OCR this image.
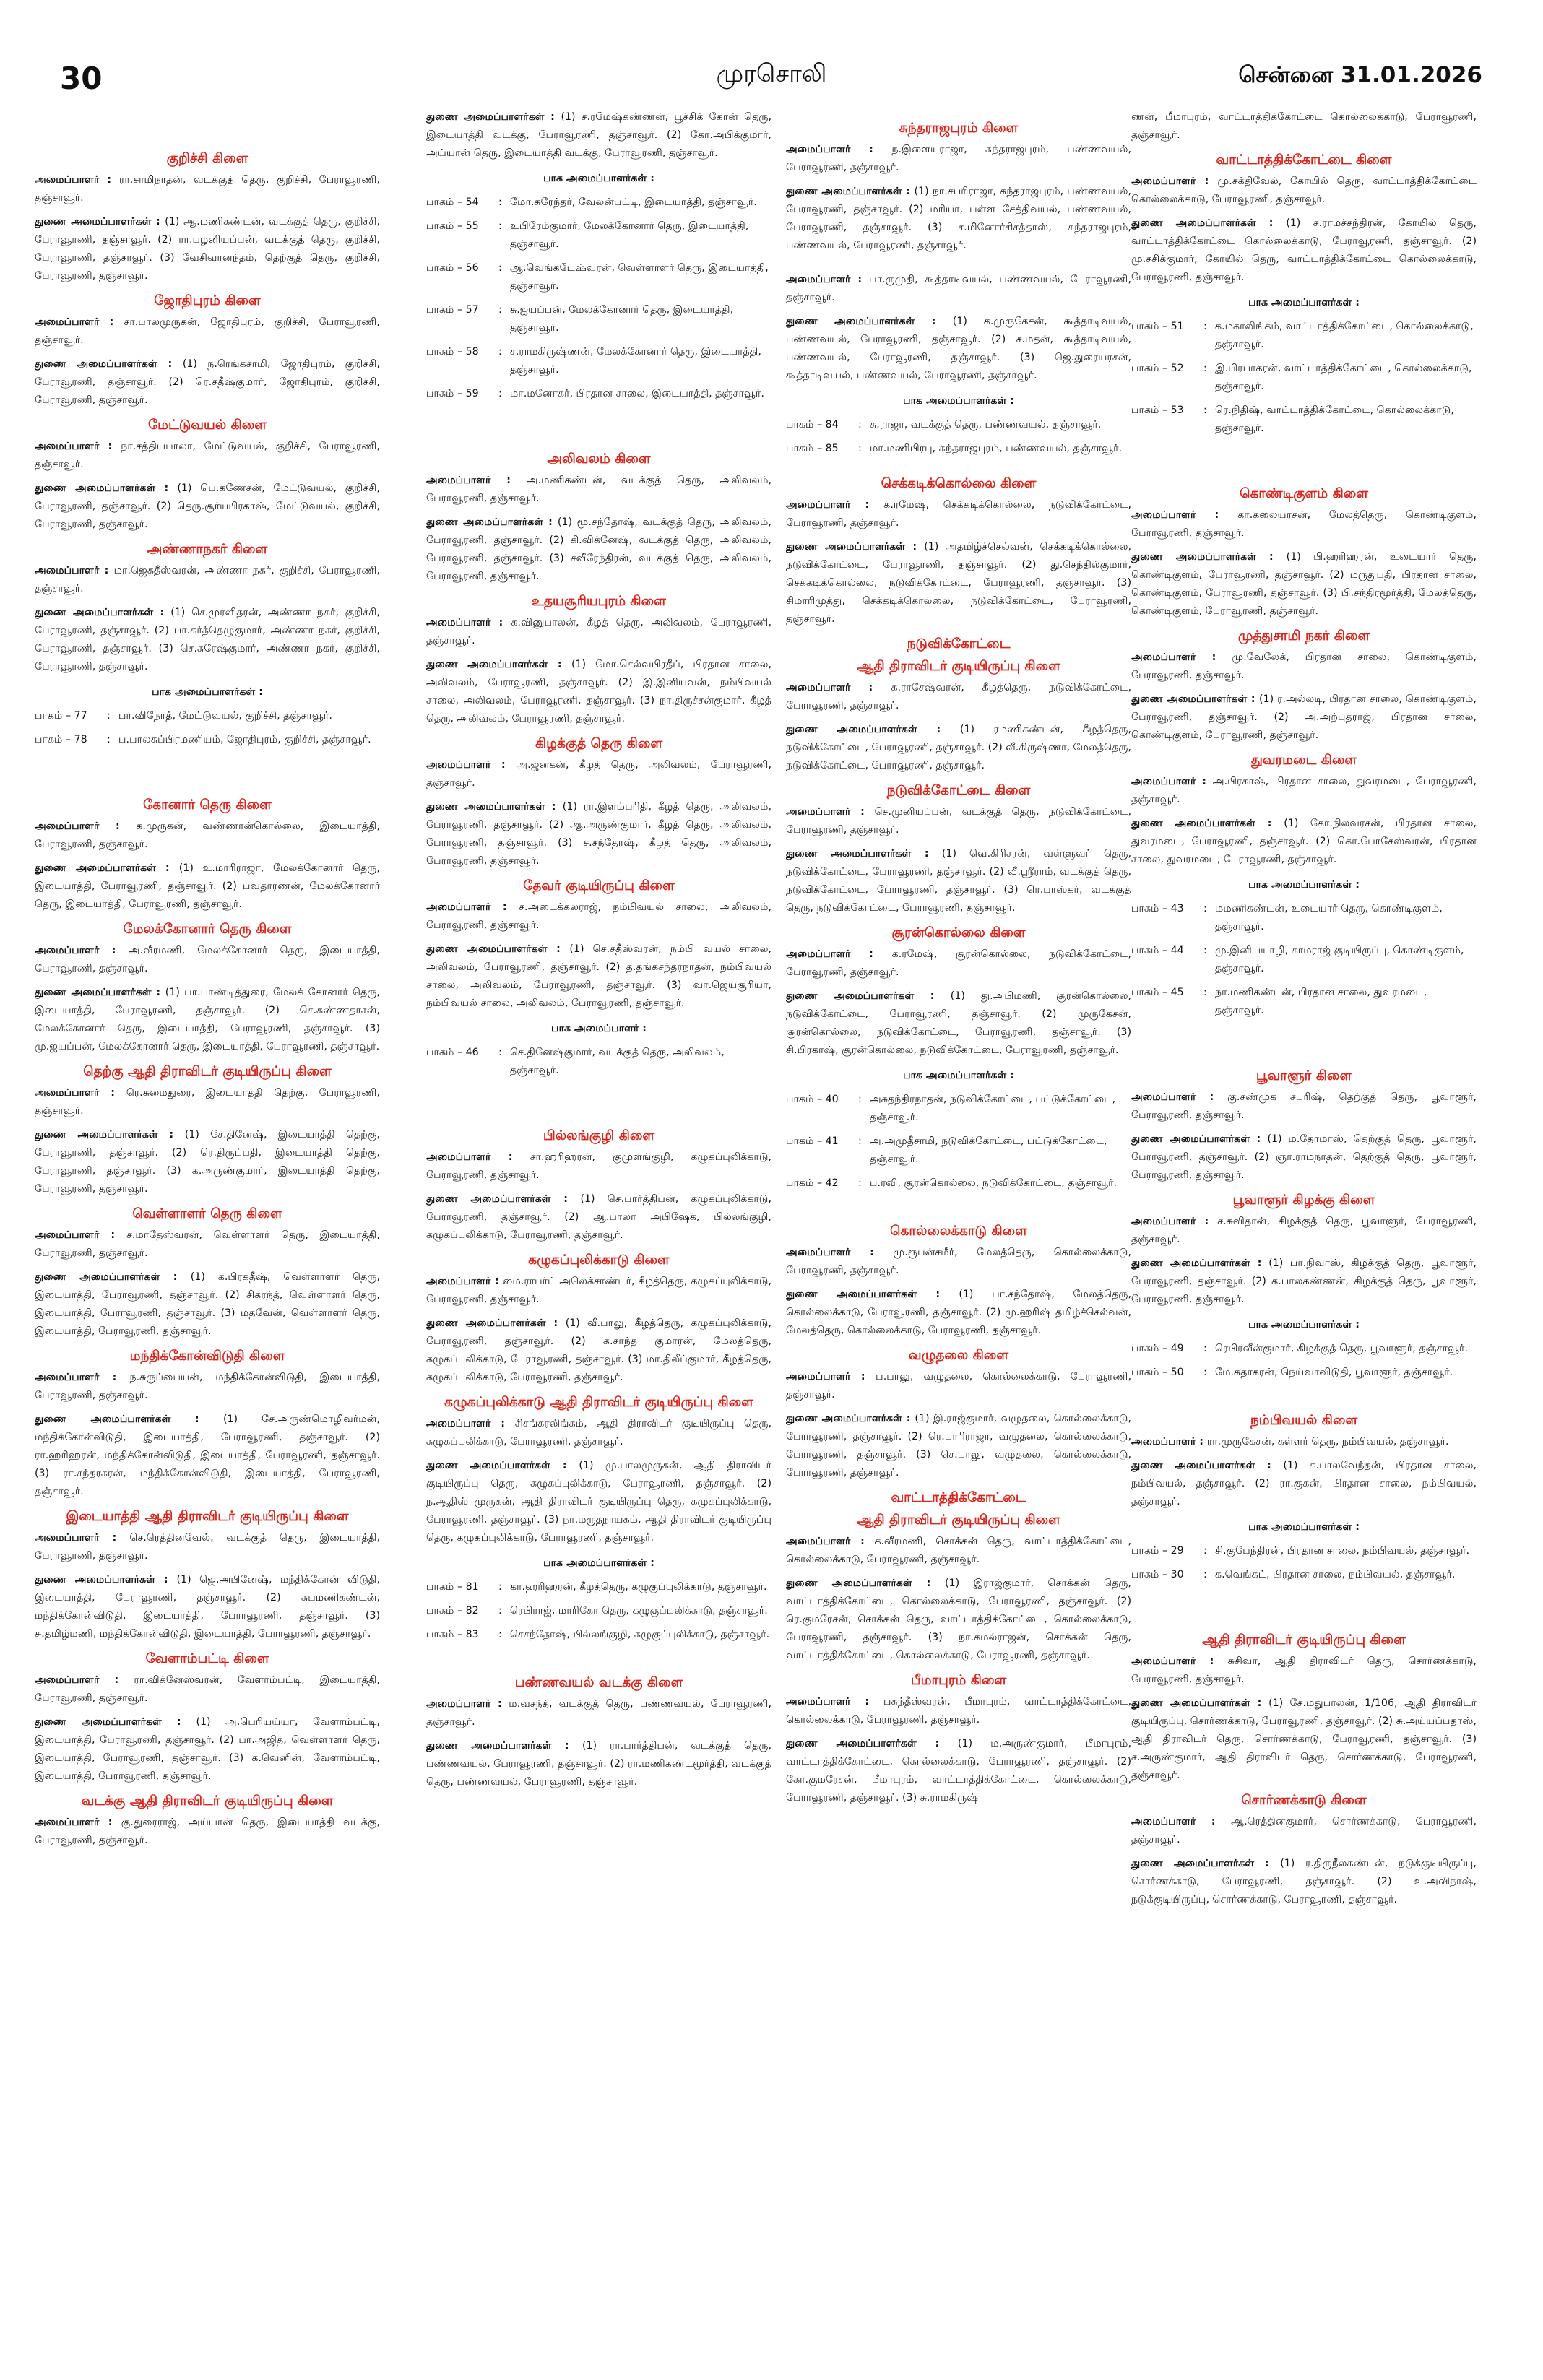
30	முரசொலி	சென்னை 31.01.2026
குறிச்சி கிளை
அமைப்பாளர் : ரா.சாமிநாதன், வடக்குத் தெரு, குறிச்சி, பேராவூரணி, தஞ்சாவூர்.
துணை அமைப்பாளர்கள் : (1) ஆ.மணிகண்டன், வடக்குத் தெரு, குறிச்சி, பேராவூரணி, தஞ்சாவூர். (2) ரா.பழனியப்பன், வடக்குத் தெரு, குறிச்சி, பேராவூரணி, தஞ்சாவூர். (3) வேசிவானந்தம், தெற்குத் தெரு, குறிச்சி, பேராவூரணி, தஞ்சாவூர்.
ஜோதிபுரம் கிளை
அமைப்பாளர் : சா.பாலமுருகன், ஜோதிபுரம், குறிச்சி, பேராவூரணி, தஞ்சாவூர்.
துணை அமைப்பாளர்கள் : (1) ந.ரெங்கசாமி, ஜோதிபுரம், குறிச்சி, பேராவூரணி, தஞ்சாவூர். (2) ரெ.சதீஷ்குமார், ஜோதிபுரம், குறிச்சி, பேராவூரணி, தஞ்சாவூர்.
மேட்டுவயல் கிளை
அமைப்பாளர் : நா.சத்தியபாலா, மேட்டுவயல், குறிச்சி, பேராவூரணி, தஞ்சாவூர்.
துணை அமைப்பாளர்கள் : (1) பெ.கணேசன், மேட்டுவயல், குறிச்சி, பேராவூரணி, தஞ்சாவூர். (2) தெரு.சூர்யபிரகாஷ், மேட்டுவயல், குறிச்சி, பேராவூரணி, தஞ்சாவூர்.
அண்ணாநகர் கிளை
அமைப்பாளர் : மா.ஜெகதீஸ்வரன், அண்ணா நகர், குறிச்சி, பேராவூரணி, தஞ்சாவூர்.
துணை அமைப்பாளர்கள் : (1) செ.முரளிதரன், அண்ணா நகர், குறிச்சி, பேராவூரணி, தஞ்சாவூர். (2) பா.கர்த்தெழுகுமார், அண்ணா நகர், குறிச்சி, பேராவூரணி, தஞ்சாவூர். (3) செ.சுரேஷ்குமார், அண்ணா நகர், குறிச்சி, பேராவூரணி, தஞ்சாவூர்.
பாக அமைப்பாளர்கள் :
பாகம் – 77	: பா.விநோத், மேட்டுவயல், குறிச்சி, தஞ்சாவூர்.
பாகம் – 78	: ப.பாலசுப்பிரமணியம், ஜோதிபுரம், குறிச்சி, தஞ்சாவூர்.
கோனார் தெரு கிளை
அமைப்பாளர் : க.முருகன், வண்ணான்கொல்லை, இடையாத்தி, பேராவூரணி, தஞ்சாவூர்.
துணை அமைப்பாளர்கள் : (1) உ.மாரிராஜா, மேலக்கோனார் தெரு, இடையாத்தி, பேராவூரணி, தஞ்சாவூர். (2) பவதாரணன், மேலக்கோனார் தெரு, இடையாத்தி, பேராவூரணி, தஞ்சாவூர்.
மேலக்கோனார் தெரு கிளை
அமைப்பாளர் : அ.வீரமணி, மேலக்கோனார் தெரு, இடையாத்தி, பேராவூரணி, தஞ்சாவூர்.
துணை அமைப்பாளர்கள் : (1) பா.பாண்டித்துரை, மேலக் கோனார் தெரு, இடையாத்தி, பேராவூரணி, தஞ்சாவூர். (2) செ.கண்ணதாசன், மேலக்கோனார் தெரு, இடையாத்தி, பேராவூரணி, தஞ்சாவூர். (3) மு.ஜயப்பன், மேலக்கோனார் தெரு, இடையாத்தி, பேராவூரணி, தஞ்சாவூர்.
தெற்கு ஆதி திராவிடர் குடியிருப்பு கிளை
அமைப்பாளர் : ரெ.சுமைதுரை, இடையாத்தி தெற்கு, பேராவூரணி, தஞ்சாவூர்.
துணை அமைப்பாளர்கள் : (1) சே.தினேஷ், இடையாத்தி தெற்கு, பேராவூரணி, தஞ்சாவூர். (2) ரெ.திருப்பதி, இடையாத்தி தெற்கு, பேராவூரணி, தஞ்சாவூர். (3) க.அருண்குமார், இடையாத்தி தெற்கு, பேராவூரணி, தஞ்சாவூர்.
வெள்ளாளர் தெரு கிளை
அமைப்பாளர் : ச.மாதேஸ்வரன், வெள்ளாளர் தெரு, இடையாத்தி, பேராவூரணி, தஞ்சாவூர்.
துணை அமைப்பாளர்கள் : (1) க.பிரகதீஷ், வெள்ளாளர் தெரு, இடையாத்தி, பேராவூரணி, தஞ்சாவூர். (2) சிகரந்த், வெள்ளாளர் தெரு, இடையாத்தி, பேராவூரணி, தஞ்சாவூர். (3) மதவேன், வெள்ளாளர் தெரு, இடையாத்தி, பேராவூரணி, தஞ்சாவூர்.
மந்திக்கோன்விடுதி கிளை
அமைப்பாளர் : ந.சுருப்பையன், மந்திக்கோன்விடுதி, இடையாத்தி, பேராவூரணி, தஞ்சாவூர்.
துணை அமைப்பாளர்கள் : (1) சே.அருண்மொழிவர்மன், மந்திக்கோன்விடுதி, இடையாத்தி, பேராவூரணி, தஞ்சாவூர். (2) ரா.ஹரிஹரன், மந்திக்கோன்விடுதி, இடையாத்தி, பேராவூரணி, தஞ்சாவூர். (3) ரா.சந்தரகரன், மந்திக்கோன்விடுதி, இடையாத்தி, பேராவூரணி, தஞ்சாவூர்.
இடையாத்தி ஆதி திராவிடர் குடியிருப்பு கிளை
அமைப்பாளர் : செ.ரெத்தினவேல், வடக்குத் தெரு, இடையாத்தி, பேராவூரணி, தஞ்சாவூர்.
துணை அமைப்பாளர்கள் : (1) ஜெ.அபினேஷ், மந்திக்கோன் விடுதி, இடையாத்தி, பேராவூரணி, தஞ்சாவூர். (2) சுபமணிகண்டன், மந்திக்கோன்விடுதி, இடையாத்தி, பேராவூரணி, தஞ்சாவூர். (3) சு.தமிழ்மணி, மந்திக்கோன்விடுதி, இடையாத்தி, பேராவூரணி, தஞ்சாவூர்.
வேளாம்பட்டி கிளை
அமைப்பாளர் : ரா.விக்னேஸ்வரன், வேளாம்பட்டி, இடையாத்தி, பேராவூரணி, தஞ்சாவூர்.
துணை அமைப்பாளர்கள் : (1) அ.பெரியய்யா, வேளாம்பட்டி, இடையாத்தி, பேராவூரணி, தஞ்சாவூர். (2) பா.அஜித், வெள்ளாளர் தெரு, இடையாத்தி, பேராவூரணி, தஞ்சாவூர். (3) க.வெனின், வேளாம்பட்டி, இடையாத்தி, பேராவூரணி, தஞ்சாவூர்.
வடக்கு ஆதி திராவிடர் குடியிருப்பு கிளை
அமைப்பாளர் : கு.துரைராஜ், அய்யான் தெரு, இடையாத்தி வடக்கு, பேராவூரணி, தஞ்சாவூர்.
துணை அமைப்பாளர்கள் : (1) ச.ரமேஷ்கண்ணன், பூச்சிக் கோன் தெரு, இடையாத்தி வடக்கு, பேராவூரணி, தஞ்சாவூர். (2) கோ.அபிக்குமார், அய்யான் தெரு, இடையாத்தி வடக்கு, பேராவூரணி, தஞ்சாவூர்.
பாக அமைப்பாளர்கள் :
பாகம் – 54	: மோ.சுரேந்தர், வேலன்பட்டி, இடையாத்தி, தஞ்சாவூர்.
பாகம் – 55	: உபிரேம்குமார், மேலக்கோனார் தெரு, இடையாத்தி, தஞ்சாவூர்.
பாகம் – 56	: ஆ.வெங்கடேஷ்வரன், வெள்ளாளர் தெரு, இடையாத்தி, தஞ்சாவூர்.
பாகம் – 57	: சு.ஐயப்பன், மேலக்கோனார் தெரு, இடையாத்தி, தஞ்சாவூர்.
பாகம் – 58	: ச.ராமகிருஷ்ணன், மேலக்கோனார் தெரு, இடையாத்தி, தஞ்சாவூர்.
பாகம் – 59	: மா.மனோகர், பிரதான சாலை, இடையாத்தி, தஞ்சாவூர்.
அலிவலம் கிளை
அமைப்பாளர் : அ.மணிகண்டன், வடக்குத் தெரு, அலிவலம், பேராவூரணி, தஞ்சாவூர்.
துணை அமைப்பாளர்கள் : (1) மூ.சந்தோஷ், வடக்குத் தெரு, அலிவலம், பேராவூரணி, தஞ்சாவூர். (2) கி.விக்னேஷ், வடக்குத் தெரு, அலிவலம், பேராவூரணி, தஞ்சாவூர். (3) சவீரேந்திரன், வடக்குத் தெரு, அலிவலம், பேராவூரணி, தஞ்சாவூர்.
உதயசூரியபுரம் கிளை
அமைப்பாளர் : க.வினுபாலன், கீழத் தெரு, அலிவலம், பேராவூரணி, தஞ்சாவூர்.
துணை அமைப்பாளர்கள் : (1) மோ.செல்வபிரதீப், பிரதான சாலை, அலிவலம், பேராவூரணி, தஞ்சாவூர். (2) இ.இனியவன், நம்பிவயல் சாலை, அலிவலம், பேராவூரணி, தஞ்சாவூர். (3) நா.திருச்சன்குமார், கீழத் தெரு, அலிவலம், பேராவூரணி, தஞ்சாவூர்.
கிழக்குத் தெரு கிளை
அமைப்பாளர் : அ.ஜனகன், கீழத் தெரு, அலிவலம், பேராவூரணி, தஞ்சாவூர்.
துணை அமைப்பாளர்கள் : (1) ரா.இளம்பரிதி, கீழத் தெரு, அலிவலம், பேராவூரணி, தஞ்சாவூர். (2) ஆ.அருண்குமார், கீழத் தெரு, அலிவலம், பேராவூரணி, தஞ்சாவூர். (3) ச.சந்தோஷ், கீழத் தெரு, அலிவலம், பேராவூரணி, தஞ்சாவூர்.
தேவர் குடியிருப்பு கிளை
அமைப்பாளர் : ச.அடைக்கலராஜ், நம்பிவயல் சாலை, அலிவலம், பேராவூரணி, தஞ்சாவூர்.
துணை அமைப்பாளர்கள் : (1) செ.சதீஸ்வரன், நம்பி வயல் சாலை, அலிவலம், பேராவூரணி, தஞ்சாவூர். (2) த.தங்கசந்தரநாதன், நம்பிவயல் சாலை, அலிவலம், பேராவூரணி, தஞ்சாவூர். (3) வா.ஜெயசூரியா, நம்பிவயல் சாலை, அலிவலம், பேராவூரணி, தஞ்சாவூர்.
பாக அமைப்பாளர் :
பாகம் – 46	: செ.தினேஷ்குமார், வடக்குத் தெரு, அலிவலம், தஞ்சாவூர்.
பில்லங்குழி கிளை
அமைப்பாளர் : சா.ஹரிஹரன், குமுளங்குழி, கழுகப்புலிக்காடு, பேராவூரணி, தஞ்சாவூர்.
துணை அமைப்பாளர்கள் : (1) செ.பார்த்திபன், கழுகப்புலிக்காடு, பேராவூரணி, தஞ்சாவூர். (2) ஆ.பாலா அபிஷேக், பில்லங்குழி, கழுகப்புலிக்காடு, பேராவூரணி, தஞ்சாவூர்.
கழுகப்புலிக்காடு கிளை
அமைப்பாளர் : மை.ராபர்ட் அலெக்சாண்டர், கீழத்தெரு, கழுகப்புலிக்காடு, பேராவூரணி, தஞ்சாவூர்.
துணை அமைப்பாளர்கள் : (1) வீ.பாலு, கீழத்தெரு, கழுகப்புலிக்காடு, பேராவூரணி, தஞ்சாவூர். (2) க.சாந்த குமாரன், மேலத்தெரு, கழுகப்புலிக்காடு, பேராவூரணி, தஞ்சாவூர். (3) மா.திலீப்குமார், கீழத்தெரு, கழுகப்புலிக்காடு, பேராவூரணி, தஞ்சாவூர்.
கழுகப்புலிக்காடு ஆதி திராவிடர் குடியிருப்பு கிளை
அமைப்பாளர் : சிசங்கரலிங்கம், ஆதி திராவிடர் குடியிருப்பு தெரு, கழுகப்புலிக்காடு, பேராவூரணி, தஞ்சாவூர்.
துணை அமைப்பாளர்கள் : (1) மு.பாலமுருகன், ஆதி திராவிடர் குடியிருப்பு தெரு, கழுகப்புலிக்காடு, பேராவூரணி, தஞ்சாவூர். (2) ந.ஆதிஸ் முருகன், ஆதி திராவிடர் குடியிருப்பு தெரு, கழுகப்புலிக்காடு, பேராவூரணி, தஞ்சாவூர். (3) நா.மருதநாயகம், ஆதி திராவிடர் குடியிருப்பு தெரு, கழுகப்புலிக்காடு, பேராவூரணி, தஞ்சாவூர்.
பாக அமைப்பாளர்கள் :
பாகம் – 81	: கா.ஹரிஹரன், கீழத்தெரு, கழுகுப்புலிக்காடு, தஞ்சாவூர்.
பாகம் – 82	: ரெபிராஜ், மாரிகோ தெரு, கழுகுப்புலிக்காடு, தஞ்சாவூர்.
பாகம் – 83	: செசந்தோஷ், பில்லங்குழி, கழுகுப்புலிக்காடு, தஞ்சாவூர்.
பண்ணவயல் வடக்கு கிளை
அமைப்பாளர் : ம.வசந்த், வடக்குத் தெரு, பண்ணவயல், பேராவூரணி, தஞ்சாவூர்.
துணை அமைப்பாளர்கள் : (1) ரா.பார்த்திபன், வடக்குத் தெரு, பண்ணவயல், பேராவூரணி, தஞ்சாவூர். (2) ரா.மணிகண்டமூர்த்தி, வடக்குத் தெரு, பண்ணவயல், பேராவூரணி, தஞ்சாவூர்.
சுந்தராஜபுரம் கிளை
அமைப்பாளர் : ந.இளையராஜா, சுந்தராஜபுரம், பண்ணவயல், பேராவூரணி, தஞ்சாவூர்.
துணை அமைப்பாளர்கள் : (1) நா.சபரிராஜா, சுந்தராஜபுரம், பண்ணவயல், பேராவூரணி, தஞ்சாவூர். (2) மரியா, பள்ள சேத்திவயல், பண்ணவயல், பேராவூரணி, தஞ்சாவூர். (3) ச.மினோர்சிசத்தாஸ், சுந்தராஜபுரம், பண்ணவயல், பேராவூரணி, தஞ்சாவூர்.
அமைப்பாளர் : பா.ருமுதி, கூத்தாடிவயல், பண்ணவயல், பேராவூரணி, தஞ்சாவூர்.
துணை அமைப்பாளர்கள் : (1) க.முருகேசன், கூத்தாடிவயல், பண்ணவயல், பேராவூரணி, தஞ்சாவூர். (2) ச.மதன், கூத்தாடிவயல், பண்ணவயல், பேராவூரணி, தஞ்சாவூர். (3) ஜெ.துரையரசன், கூத்தாடிவயல், பண்ணவயல், பேராவூரணி, தஞ்சாவூர்.
பாக அமைப்பாளர்கள் :
பாகம் – 84	: சு.ராஜா, வடக்குத் தெரு, பண்ணவயல், தஞ்சாவூர்.
பாகம் – 85	: மா.மணிபிரபு, சுந்தராஜபுரம், பண்ணவயல், தஞ்சாவூர்.
செக்கடிக்கொல்லை கிளை
அமைப்பாளர் : க.ரமேஷ், செக்கடிக்கொல்லை, நடுவிக்கோட்டை, பேராவூரணி, தஞ்சாவூர்.
துணை அமைப்பாளர்கள் : (1) அதமிழ்ச்செல்வன், செக்கடிக்கொல்லை, நடுவிக்கோட்டை, பேராவூரணி, தஞ்சாவூர். (2) து.செந்தில்குமார், செக்கடிக்கொல்லை, நடுவிக்கோட்டை, பேராவூரணி, தஞ்சாவூர். (3) சிமாரிமுத்து, செக்கடிக்கொல்லை, நடுவிக்கோட்டை, பேராவூரணி, தஞ்சாவூர்.
நடுவிக்கோட்டை
ஆதி திராவிடர் குடியிருப்பு கிளை
அமைப்பாளர் : க.ராசேஷ்வரன், கீழத்தெரு, நடுவிக்கோட்டை, பேராவூரணி, தஞ்சாவூர்.
துணை அமைப்பாளர்கள் : (1) ரமணிகண்டன், கீழத்தெரு, நடுவிக்கோட்டை, பேராவூரணி, தஞ்சாவூர். (2) வீ.கிருஷ்ணா, மேலத்தெரு, நடுவிக்கோட்டை, பேராவூரணி, தஞ்சாவூர்.
நடுவிக்கோட்டை கிளை
அமைப்பாளர் : செ.முனியப்பன், வடக்குத் தெரு, நடுவிக்கோட்டை, பேராவூரணி, தஞ்சாவூர்.
துணை அமைப்பாளர்கள் : (1) வெ.கிரிசரன், வள்ளுவர் தெரு, நடுவிக்கோட்டை, பேராவூரணி, தஞ்சாவூர். (2) வீ.ஸ்ரீராம், வடக்குத் தெரு, நடுவிக்கோட்டை, பேராவூரணி, தஞ்சாவூர். (3) ரெ.பாஸ்கர், வடக்குத் தெரு, நடுவிக்கோட்டை, பேராவூரணி, தஞ்சாவூர்.
சூரன்கொல்லை கிளை
அமைப்பாளர் : க.ரமேஷ், சூரன்கொல்லை, நடுவிக்கோட்டை, பேராவூரணி, தஞ்சாவூர்.
துணை அமைப்பாளர்கள் : (1) து.அபிமணி, சூரன்கொல்லை, நடுவிக்கோட்டை, பேராவூரணி, தஞ்சாவூர். (2) முருகேசன், சூரன்கொல்லை, நடுவிக்கோட்டை, பேராவூரணி, தஞ்சாவூர். (3) சி.பிரகாஷ், சூரன்கொல்லை, நடுவிக்கோட்டை, பேராவூரணி, தஞ்சாவூர்.
பாக அமைப்பாளர்கள் :
பாகம் – 40	: அசுதந்திரநாதன், நடுவிக்கோட்டை, பட்டுக்கோட்டை, தஞ்சாவூர்.
பாகம் – 41	: அ.அமுதீசாமி, நடுவிக்கோட்டை, பட்டுக்கோட்டை, தஞ்சாவூர்.
பாகம் – 42	: ப.ரவி, சூரன்கொல்லை, நடுவிக்கோட்டை, தஞ்சாவூர்.
கொல்லைக்காடு கிளை
அமைப்பாளர் : மு.ரூபன்சமீர், மேலத்தெரு, கொல்லைக்காடு, பேராவூரணி, தஞ்சாவூர்.
துணை அமைப்பாளர்கள் : (1) பா.சந்தோஷ், மேலத்தெரு, கொல்லைக்காடு, பேராவூரணி, தஞ்சாவூர். (2) மு.ஹரிஷ் தமிழ்ச்செல்வன், மேலத்தெரு, கொல்லைக்காடு, பேராவூரணி, தஞ்சாவூர்.
வழுதலை கிளை
அமைப்பாளர் : ப.பாலு, வழுதலை, கொல்லைக்காடு, பேராவூரணி, தஞ்சாவூர்.
துணை அமைப்பாளர்கள் : (1) இ.ராஜ்குமார், வழுதலை, கொல்லைக்காடு, பேராவூரணி, தஞ்சாவூர். (2) ரெ.பாரிராஜா, வழுதலை, கொல்லைக்காடு, பேராவூரணி, தஞ்சாவூர். (3) செ.பாலு, வழுதலை, கொல்லைக்காடு, பேராவூரணி, தஞ்சாவூர்.
வாட்டாத்திக்கோட்டை
ஆதி திராவிடர் குடியிருப்பு கிளை
அமைப்பாளர் : க.வீரமணி, சொக்கன் தெரு, வாட்டாத்திக்கோட்டை, கொல்லைக்காடு, பேராவூரணி, தஞ்சாவூர்.
துணை அமைப்பாளர்கள் : (1) இராஜ்குமார், சொக்கன் தெரு, வாட்டாத்திக்கோட்டை, கொல்லைக்காடு, பேராவூரணி, தஞ்சாவூர். (2) ரெ.குமரேசன், சொக்கன் தெரு, வாட்டாத்திக்கோட்டை, கொல்லைக்காடு, பேராவூரணி, தஞ்சாவூர். (3) நா.கமல்ராஜன், சொக்கன் தெரு, வாட்டாத்திக்கோட்டை, கொல்லைக்காடு, பேராவூரணி, தஞ்சாவூர்.
பீமாபுரம் கிளை
அமைப்பாளர் : பசுந்தீஸ்வரன், பீமாபுரம், வாட்டாத்திக்கோட்டை, கொல்லைக்காடு, பேராவூரணி, தஞ்சாவூர்.
துணை அமைப்பாளர்கள் : (1) ம.அருண்குமார், பீமாபுரம், வாட்டாத்திக்கோட்டை, கொல்லைக்காடு, பேராவூரணி, தஞ்சாவூர். (2) கோ.குமரேசன், பீமாபுரம், வாட்டாத்திக்கோட்டை, கொல்லைக்காடு, பேராவூரணி, தஞ்சாவூர். (3) சு.ராமகிருஷ்
ணன், பீமாபுரம், வாட்டாத்திக்கோட்டை கொல்லைக்காடு, பேராவூரணி, தஞ்சாவூர்.
வாட்டாத்திக்கோட்டை கிளை
அமைப்பாளர் : மு.சக்திவேல், கோயில் தெரு, வாட்டாத்திக்கோட்டை கொல்லைக்காடு, பேராவூரணி, தஞ்சாவூர்.
துணை அமைப்பாளர்கள் : (1) ச.ராமச்சந்திரன், கோயில் தெரு, வாட்டாத்திக்கோட்டை கொல்லைக்காடு, பேராவூரணி, தஞ்சாவூர். (2) மு.சசிக்குமார், கோயில் தெரு, வாட்டாத்திக்கோட்டை கொல்லைக்காடு, பேராவூரணி, தஞ்சாவூர்.
பாக அமைப்பாளர்கள் :
பாகம் – 51	: க.மகாலிங்கம், வாட்டாத்திக்கோட்டை, கொல்லைக்காடு, தஞ்சாவூர்.
பாகம் – 52	: இ.பிரபாகரன், வாட்டாத்திக்கோட்டை, கொல்லைக்காடு, தஞ்சாவூர்.
பாகம் – 53	: ரெ.நிதிஷ், வாட்டாத்திக்கோட்டை, கொல்லைக்காடு, தஞ்சாவூர்.
கொண்டிகுளம் கிளை
அமைப்பாளர் : கா.கலையரசன், மேலத்தெரு, கொண்டிகுளம், பேராவூரணி, தஞ்சாவூர்.
துணை அமைப்பாளர்கள் : (1) பி.ஹரிஹரன், உடையார் தெரு, கொண்டிகுளம், பேராவூரணி, தஞ்சாவூர். (2) மருதுபதி, பிரதான சாலை, கொண்டிகுளம், பேராவூரணி, தஞ்சாவூர். (3) பி.சந்திரமூர்த்தி, மேலத்தெரு, கொண்டிகுளம், பேராவூரணி, தஞ்சாவூர்.
முத்துசாமி நகர் கிளை
அமைப்பாளர் : மு.வேலேக், பிரதான சாலை, கொண்டிகுளம், பேராவூரணி, தஞ்சாவூர்.
துணை அமைப்பாளர்கள் : (1) ர.அல்லடி, பிரதான சாலை, கொண்டிகுளம், பேராவூரணி, தஞ்சாவூர். (2) அ.அற்புதராஜ், பிரதான சாலை, கொண்டிகுளம், பேராவூரணி, தஞ்சாவூர்.
துவரமடை கிளை
அமைப்பாளர் : அ.பிரகாஷ், பிரதான சாலை, துவரமடை, பேராவூரணி, தஞ்சாவூர்.
துணை அமைப்பாளர்கள் : (1) கோ.நிலவரசன், பிரதான சாலை, துவரமடை, பேராவூரணி, தஞ்சாவூர். (2) கொ.போசேஸ்வரன், பிரதான சாலை, துவரமடை, பேராவூரணி, தஞ்சாவூர்.
பாக அமைப்பாளர்கள் :
பாகம் – 43	: மமணிகண்டன், உடையார் தெரு, கொண்டிகுளம், தஞ்சாவூர்.
பாகம் – 44	: மு.இனியயாழி, காமராஜ் குடியிருப்பு, கொண்டிகுளம், தஞ்சாவூர்.
பாகம் – 45	: நா.மணிகண்டன், பிரதான சாலை, துவரமடை, தஞ்சாவூர்.
பூவாளூர் கிளை
அமைப்பாளர் : கு.சண்முக சபரிஷ், தெற்குத் தெரு, பூவாளூர், பேராவூரணி, தஞ்சாவூர்.
துணை அமைப்பாளர்கள் : (1) ம.தோமாஸ், தெற்குத் தெரு, பூவாளூர், பேராவூரணி, தஞ்சாவூர். (2) ஞா.ராமநாதன், தெற்குத் தெரு, பூவாளூர், பேராவூரணி, தஞ்சாவூர்.
பூவாளூர் கிழக்கு கிளை
அமைப்பாளர் : ச.சுவிதான், கிழக்குத் தெரு, பூவாளூர், பேராவூரணி, தஞ்சாவூர்.
துணை அமைப்பாளர்கள் : (1) பா.நிவாஸ், கிழக்குத் தெரு, பூவாளூர், பேராவூரணி, தஞ்சாவூர். (2) க.பாலகண்ணன், கிழக்குத் தெரு, பூவாளூர், பேராவூரணி, தஞ்சாவூர்.
பாக அமைப்பாளர்கள் :
பாகம் – 49	: ரெபிரவீன்குமார், கிழக்குத் தெரு, பூவாளூர், தஞ்சாவூர்.
பாகம் – 50	: மே.சுதாகரன், நெய்வாவிடுதி, பூவாளூர், தஞ்சாவூர்.
நம்பிவயல் கிளை
அமைப்பாளர் : ரா.முருகேசன், கள்ளர் தெரு, நம்பிவயல், தஞ்சாவூர்.
துணை அமைப்பாளர்கள் : (1) க.பாலவேந்தன், பிரதான சாலை, நம்பிவயல், தஞ்சாவூர். (2) ரா.குகன், பிரதான சாலை, நம்பிவயல், தஞ்சாவூர்.
பாக அமைப்பாளர்கள் :
பாகம் – 29	: சி.குபேந்திரன், பிரதான சாலை, நம்பிவயல், தஞ்சாவூர்.
பாகம் – 30	: க.வெங்கட், பிரதான சாலை, நம்பிவயல், தஞ்சாவூர்.
ஆதி திராவிடர் குடியிருப்பு கிளை
அமைப்பாளர் : சுசிவா, ஆதி திராவிடர் தெரு, சொர்ணக்காடு, பேராவூரணி, தஞ்சாவூர்.
துணை அமைப்பாளர்கள் : (1) சே.மதுபாலன், 1/106, ஆதி திராவிடர் குடியிருப்பு, சொர்ணக்காடு, பேராவூரணி, தஞ்சாவூர். (2) சு.அய்யப்பதாஸ், ஆதி திராவிடர் தெரு, சொர்ணக்காடு, பேராவூரணி, தஞ்சாவூர். (3) ச.அருண்குமார், ஆதி திராவிடர் தெரு, சொர்ணக்காடு, பேராவூரணி, தஞ்சாவூர்.
சொர்ணக்காடு கிளை
அமைப்பாளர் : ஆ.ரெத்தினகுமார், சொர்ணக்காடு, பேராவூரணி, தஞ்சாவூர்.
துணை அமைப்பாளர்கள் : (1) ர.திருநீலகண்டன், நடுக்குடியிருப்பு, சொர்ணக்காடு, பேராவூரணி, தஞ்சாவூர். (2) உ.அவிநாஷ், நடுக்குடியிருப்பு, சொர்ணக்காடு, பேராவூரணி, தஞ்சாவூர்.
